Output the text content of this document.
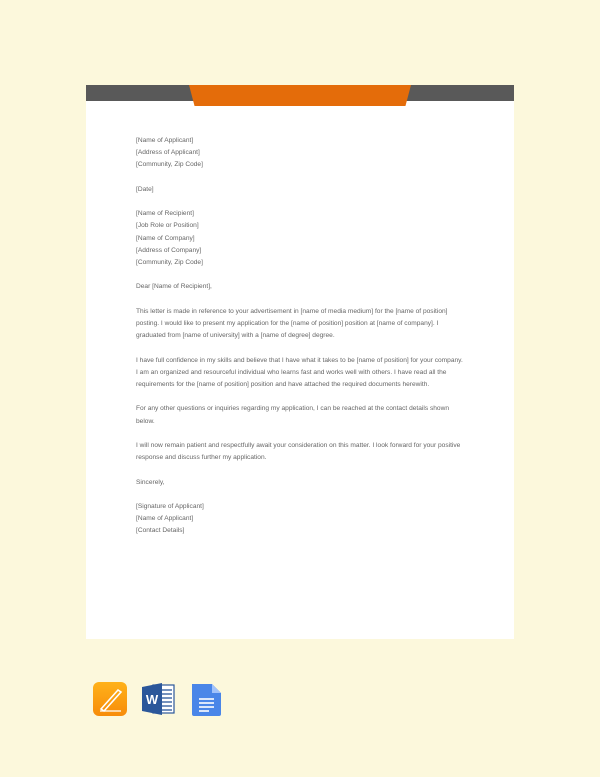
[Name of Applicant]
[Address of Applicant]
[Community, Zip Code]

[Date]

[Name of Recipient]
[Job Role or Position]
[Name of Company]
[Address of Company]
[Community, Zip Code]

Dear [Name of Recipient],

This letter is made in reference to your advertisement in [name of media medium] for the [name of position] posting. I would like to present my application for the [name of position] position at [name of company]. I graduated from [name of university] with a [name of degree] degree.

I have full confidence in my skills and believe that I have what it takes to be [name of position] for your company. I am an organized and resourceful individual who learns fast and works well with others. I have read all the requirements for the [name of position] position and have attached the required documents herewith.

For any other questions or inquiries regarding my application, I can be reached at the contact details shown below.

I will now remain patient and respectfully await your consideration on this matter. I look forward for your positive response and discuss further my application.

Sincerely,

[Signature of Applicant]
[Name of Applicant]
[Contact Details]

W
